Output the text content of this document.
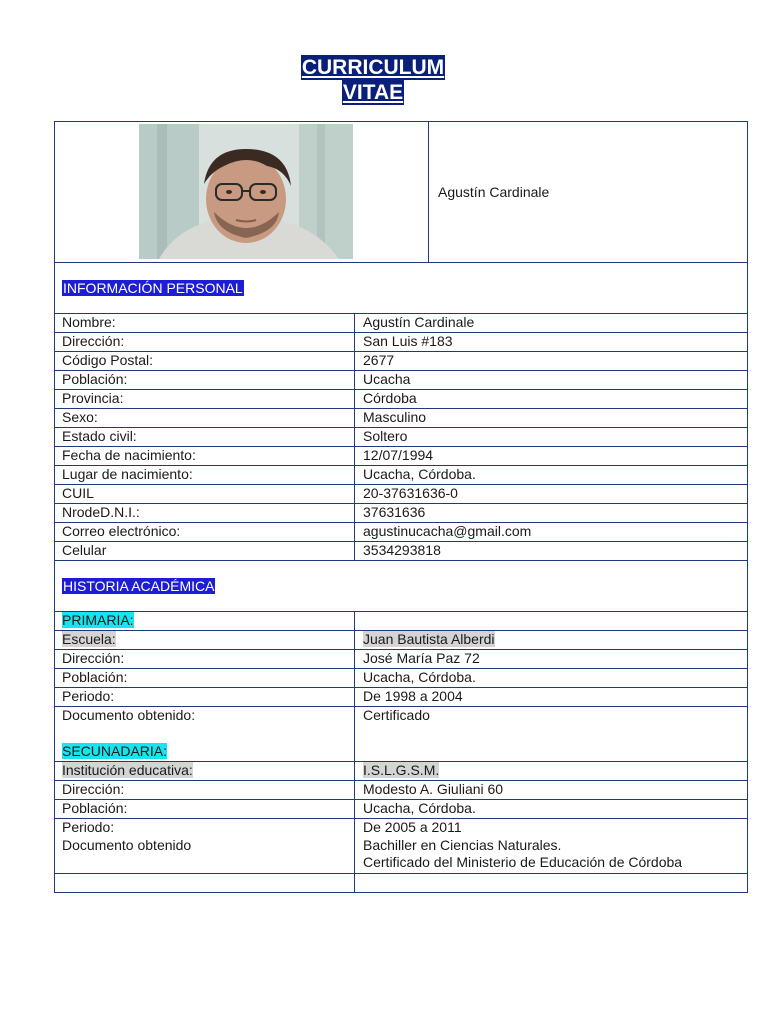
CURRICULUM
VITAE
Agustín Cardinale
INFORMACIÓN PERSONAL
Nombre:	Agustín Cardinale
Dirección:	San Luis #183
Código Postal:	2677
Población:	Ucacha
Provincia:	Córdoba
Sexo:	Masculino
Estado civil:	Soltero
Fecha de nacimiento:	12/07/1994
Lugar de nacimiento:	Ucacha, Córdoba.
CUIL	20-37631636-0
NrodeD.N.I.:	37631636
Correo electrónico:	agustinucacha@gmail.com
Celular	3534293818
HISTORIA ACADÉMICA
PRIMARIA:
Escuela:	Juan Bautista Alberdi
Dirección:	José María Paz 72
Población:	Ucacha, Córdoba.
Periodo:	De 1998 a 2004
Documento obtenido:	Certificado
SECUNADARIA:
Institución educativa:	I.S.L.G.S.M.
Dirección:	Modesto A. Giuliani 60
Población:	Ucacha, Córdoba.
Periodo:	De 2005 a 2011
Documento obtenido	Bachiller en Ciencias Naturales.
Certificado del Ministerio de Educación de Córdoba
